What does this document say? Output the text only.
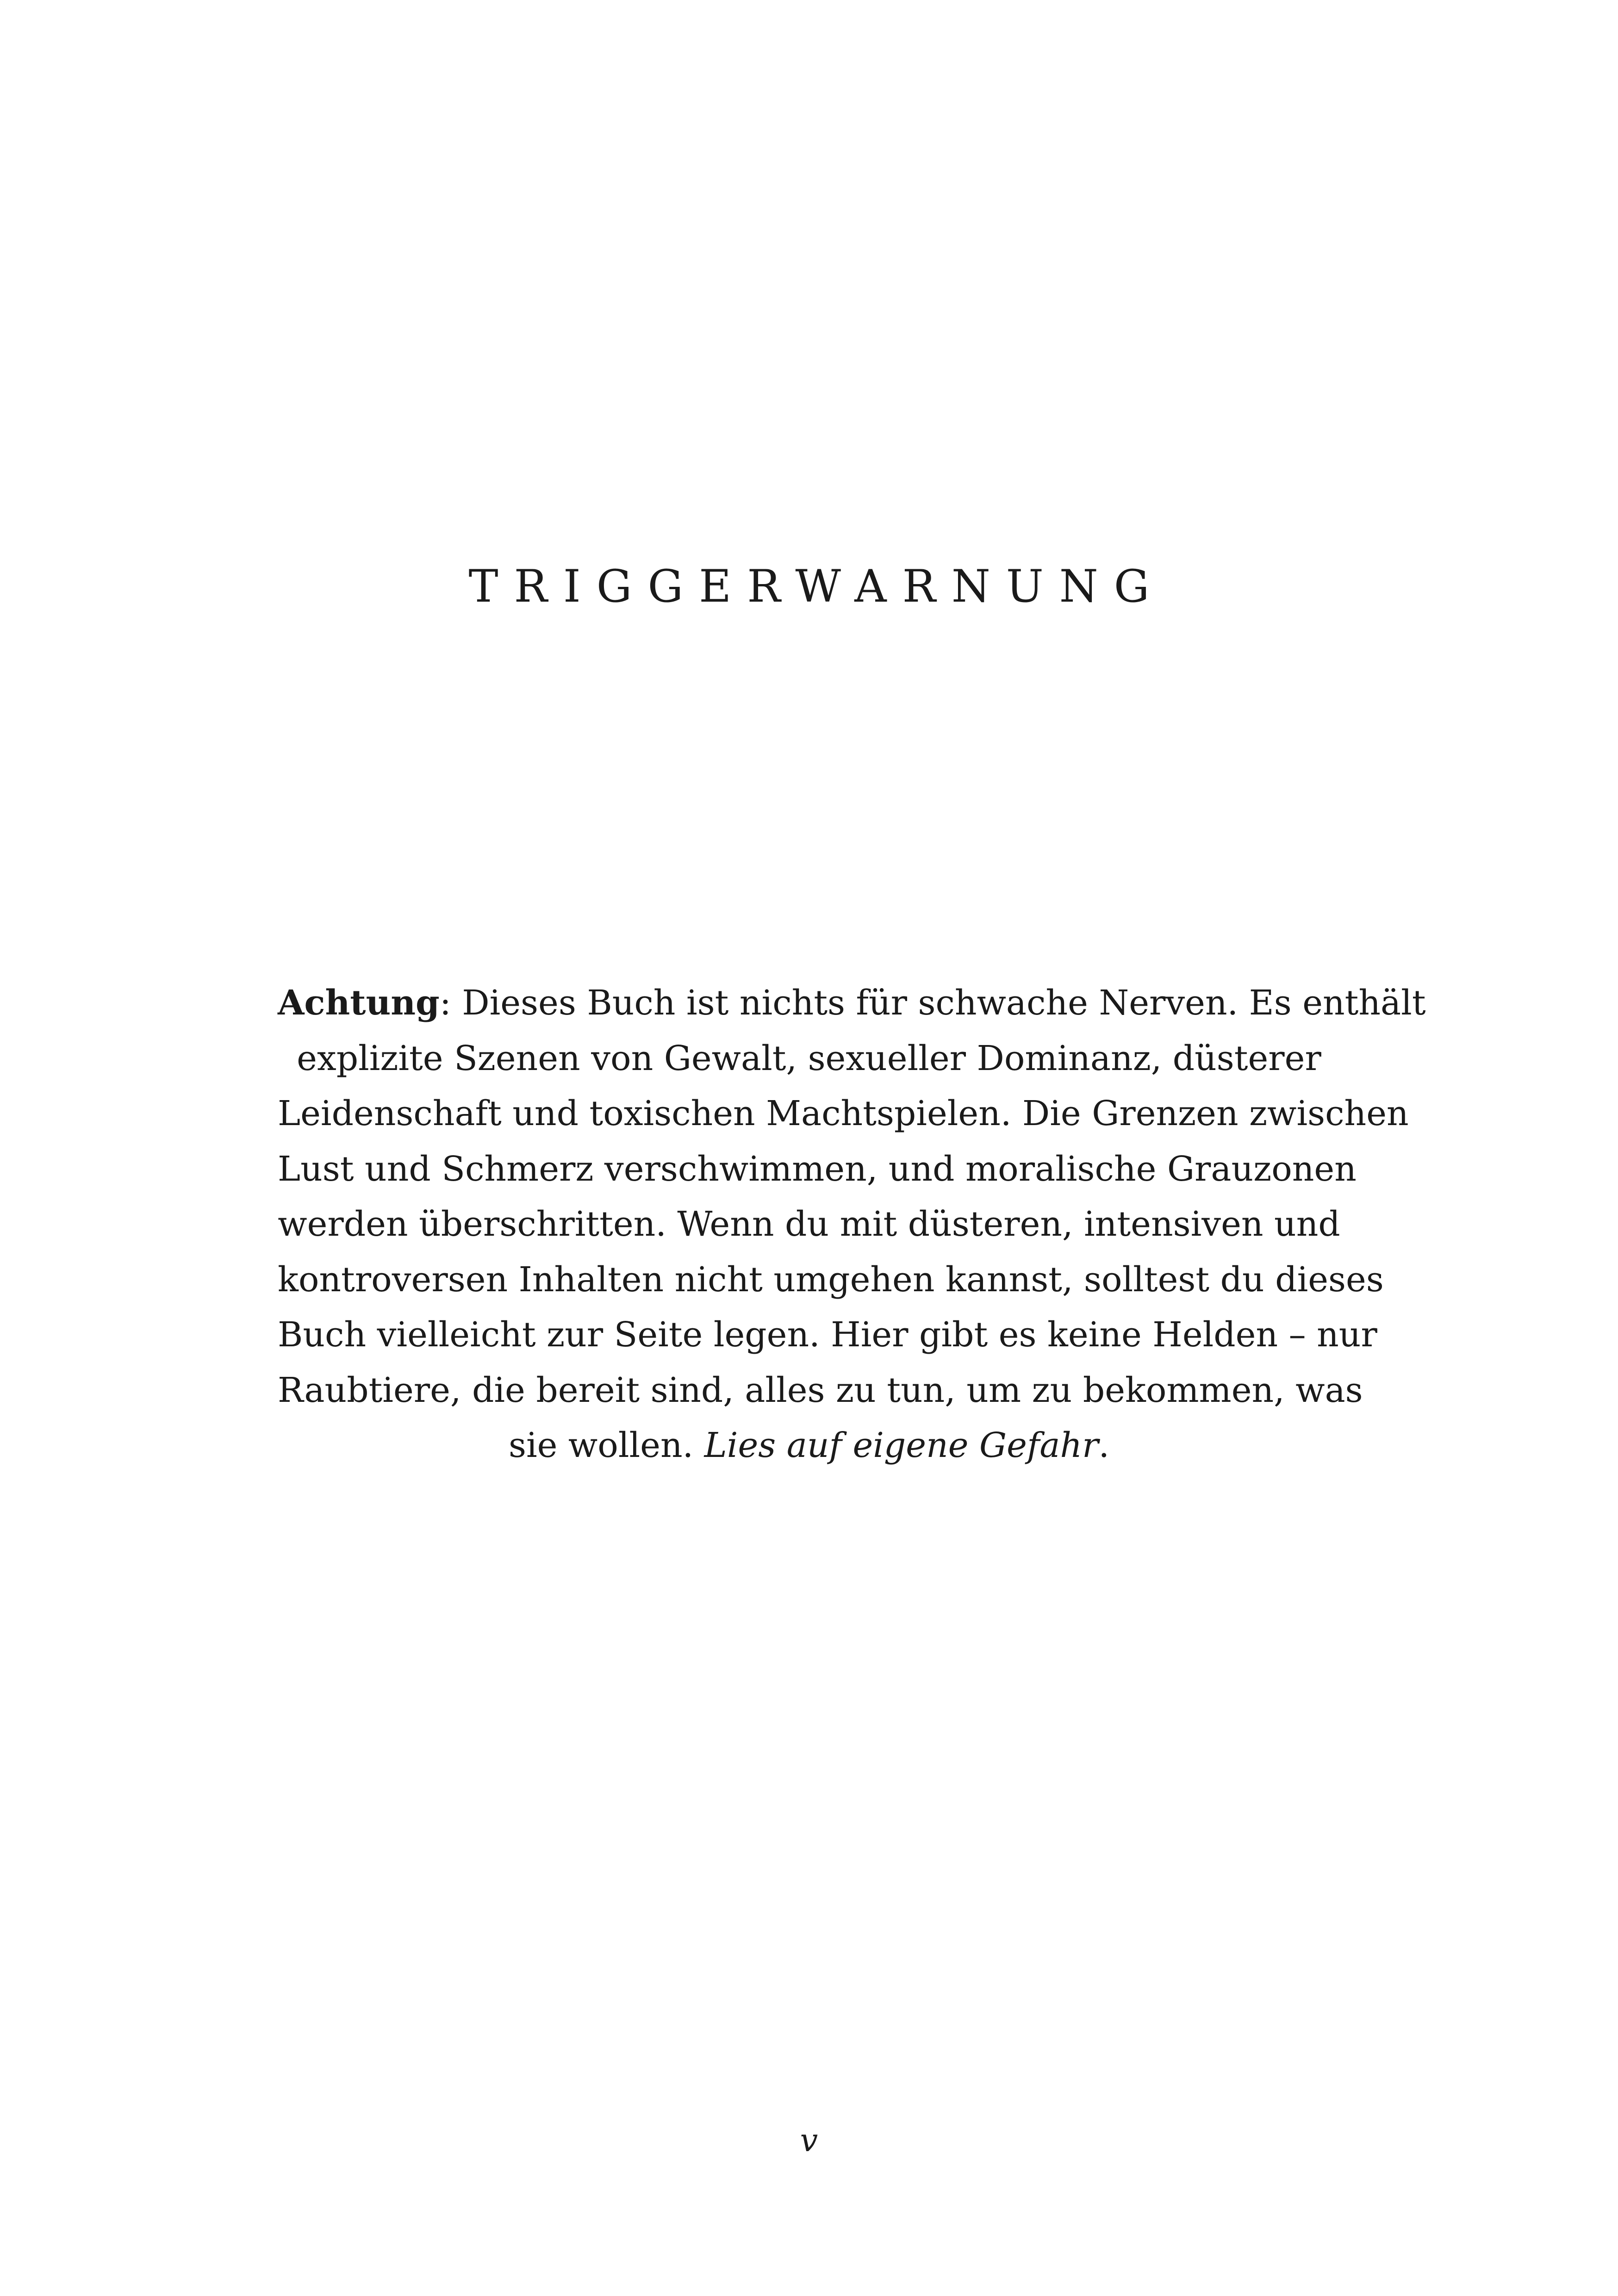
TRIGGERWARNUNG
Achtung: Dieses Buch ist nichts für schwache Nerven. Es enthält
explizite Szenen von Gewalt, sexueller Dominanz, düsterer
Leidenschaft und toxischen Machtspielen. Die Grenzen zwischen
Lust und Schmerz verschwimmen, und moralische Grauzonen
werden überschritten. Wenn du mit düsteren, intensiven und
kontroversen Inhalten nicht umgehen kannst, solltest du dieses
Buch vielleicht zur Seite legen. Hier gibt es keine Helden – nur
Raubtiere, die bereit sind, alles zu tun, um zu bekommen, was
sie wollen. Lies auf eigene Gefahr.
v
